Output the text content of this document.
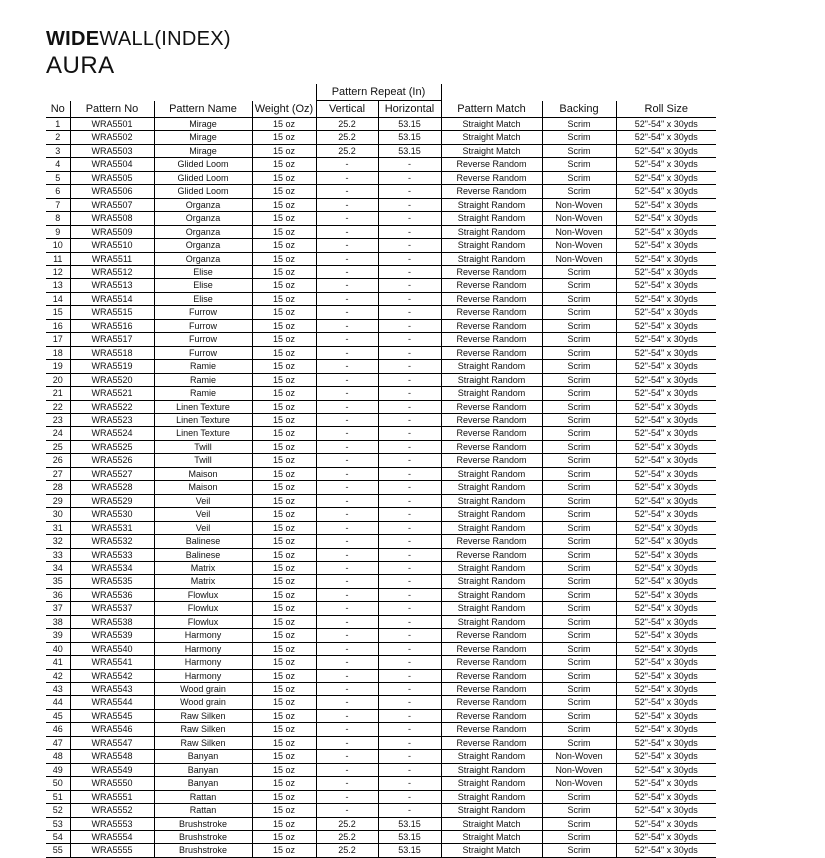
WIDEWALL(INDEX)
AURA
				Pattern Repeat (In)				
No	Pattern No	Pattern Name	Weight (Oz)	Vertical	Horizontal	Pattern Match	Backing	Roll Size
1	WRA5501	Mirage	15 oz	25.2	53.15	Straight Match	Scrim	52"-54" x 30yds
2	WRA5502	Mirage	15 oz	25.2	53.15	Straight Match	Scrim	52"-54" x 30yds
3	WRA5503	Mirage	15 oz	25.2	53.15	Straight Match	Scrim	52"-54" x 30yds
4	WRA5504	Glided Loom	15 oz	-	-	Reverse Random	Scrim	52"-54" x 30yds
5	WRA5505	Glided Loom	15 oz	-	-	Reverse Random	Scrim	52"-54" x 30yds
6	WRA5506	Glided Loom	15 oz	-	-	Reverse Random	Scrim	52"-54" x 30yds
7	WRA5507	Organza	15 oz	-	-	Straight Random	Non-Woven	52"-54" x 30yds
8	WRA5508	Organza	15 oz	-	-	Straight Random	Non-Woven	52"-54" x 30yds
9	WRA5509	Organza	15 oz	-	-	Straight Random	Non-Woven	52"-54" x 30yds
10	WRA5510	Organza	15 oz	-	-	Straight Random	Non-Woven	52"-54" x 30yds
11	WRA5511	Organza	15 oz	-	-	Straight Random	Non-Woven	52"-54" x 30yds
12	WRA5512	Elise	15 oz	-	-	Reverse Random	Scrim	52"-54" x 30yds
13	WRA5513	Elise	15 oz	-	-	Reverse Random	Scrim	52"-54" x 30yds
14	WRA5514	Elise	15 oz	-	-	Reverse Random	Scrim	52"-54" x 30yds
15	WRA5515	Furrow	15 oz	-	-	Reverse Random	Scrim	52"-54" x 30yds
16	WRA5516	Furrow	15 oz	-	-	Reverse Random	Scrim	52"-54" x 30yds
17	WRA5517	Furrow	15 oz	-	-	Reverse Random	Scrim	52"-54" x 30yds
18	WRA5518	Furrow	15 oz	-	-	Reverse Random	Scrim	52"-54" x 30yds
19	WRA5519	Ramie	15 oz	-	-	Straight Random	Scrim	52"-54" x 30yds
20	WRA5520	Ramie	15 oz	-	-	Straight Random	Scrim	52"-54" x 30yds
21	WRA5521	Ramie	15 oz	-	-	Straight Random	Scrim	52"-54" x 30yds
22	WRA5522	Linen Texture	15 oz	-	-	Reverse Random	Scrim	52"-54" x 30yds
23	WRA5523	Linen Texture	15 oz	-	-	Reverse Random	Scrim	52"-54" x 30yds
24	WRA5524	Linen Texture	15 oz	-	-	Reverse Random	Scrim	52"-54" x 30yds
25	WRA5525	Twill	15 oz	-	-	Reverse Random	Scrim	52"-54" x 30yds
26	WRA5526	Twill	15 oz	-	-	Reverse Random	Scrim	52"-54" x 30yds
27	WRA5527	Maison	15 oz	-	-	Straight Random	Scrim	52"-54" x 30yds
28	WRA5528	Maison	15 oz	-	-	Straight Random	Scrim	52"-54" x 30yds
29	WRA5529	Veil	15 oz	-	-	Straight Random	Scrim	52"-54" x 30yds
30	WRA5530	Veil	15 oz	-	-	Straight Random	Scrim	52"-54" x 30yds
31	WRA5531	Veil	15 oz	-	-	Straight Random	Scrim	52"-54" x 30yds
32	WRA5532	Balinese	15 oz	-	-	Reverse Random	Scrim	52"-54" x 30yds
33	WRA5533	Balinese	15 oz	-	-	Reverse Random	Scrim	52"-54" x 30yds
34	WRA5534	Matrix	15 oz	-	-	Straight Random	Scrim	52"-54" x 30yds
35	WRA5535	Matrix	15 oz	-	-	Straight Random	Scrim	52"-54" x 30yds
36	WRA5536	Flowlux	15 oz	-	-	Straight Random	Scrim	52"-54" x 30yds
37	WRA5537	Flowlux	15 oz	-	-	Straight Random	Scrim	52"-54" x 30yds
38	WRA5538	Flowlux	15 oz	-	-	Straight Random	Scrim	52"-54" x 30yds
39	WRA5539	Harmony	15 oz	-	-	Reverse Random	Scrim	52"-54" x 30yds
40	WRA5540	Harmony	15 oz	-	-	Reverse Random	Scrim	52"-54" x 30yds
41	WRA5541	Harmony	15 oz	-	-	Reverse Random	Scrim	52"-54" x 30yds
42	WRA5542	Harmony	15 oz	-	-	Reverse Random	Scrim	52"-54" x 30yds
43	WRA5543	Wood grain	15 oz	-	-	Reverse Random	Scrim	52"-54" x 30yds
44	WRA5544	Wood grain	15 oz	-	-	Reverse Random	Scrim	52"-54" x 30yds
45	WRA5545	Raw Silken	15 oz	-	-	Reverse Random	Scrim	52"-54" x 30yds
46	WRA5546	Raw Silken	15 oz	-	-	Reverse Random	Scrim	52"-54" x 30yds
47	WRA5547	Raw Silken	15 oz	-	-	Reverse Random	Scrim	52"-54" x 30yds
48	WRA5548	Banyan	15 oz	-	-	Straight Random	Non-Woven	52"-54" x 30yds
49	WRA5549	Banyan	15 oz	-	-	Straight Random	Non-Woven	52"-54" x 30yds
50	WRA5550	Banyan	15 oz	-	-	Straight Random	Non-Woven	52"-54" x 30yds
51	WRA5551	Rattan	15 oz	-	-	Straight Random	Scrim	52"-54" x 30yds
52	WRA5552	Rattan	15 oz	-	-	Straight Random	Scrim	52"-54" x 30yds
53	WRA5553	Brushstroke	15 oz	25.2	53.15	Straight Match	Scrim	52"-54" x 30yds
54	WRA5554	Brushstroke	15 oz	25.2	53.15	Straight Match	Scrim	52"-54" x 30yds
55	WRA5555	Brushstroke	15 oz	25.2	53.15	Straight Match	Scrim	52"-54" x 30yds
